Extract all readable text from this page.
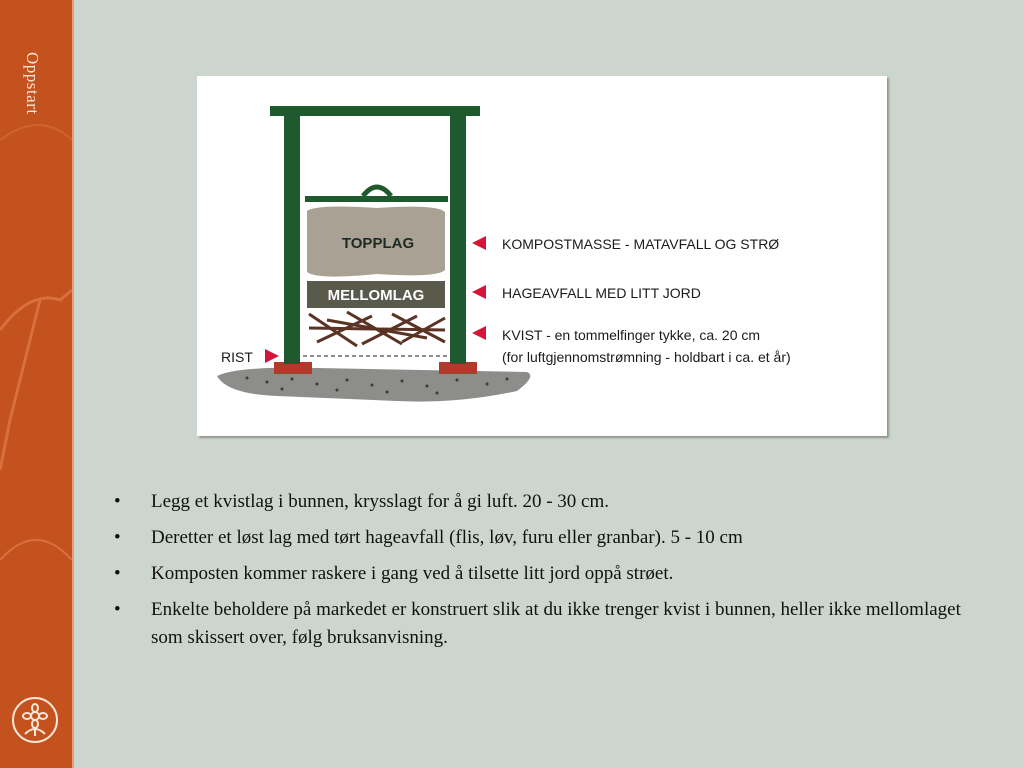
Oppstart
TOPPLAG
MELLOMLAG
KOMPOSTMASSE - MATAVFALL OG STRØ
HAGEAVFALL MED LITT JORD
KVIST - en tommelfinger tykke, ca. 20 cm
(for luftgjennomstrømning - holdbart i ca. et år)
RIST
• Legg et kvistlag i bunnen, krysslagt for å gi luft. 20 - 30 cm.
• Deretter et løst lag med tørt hageavfall (flis, løv, furu eller granbar). 5 - 10 cm
• Komposten kommer raskere i gang ved å tilsette litt jord oppå strøet.
• Enkelte beholdere på markedet er konstruert slik at du ikke trenger kvist i bunnen, heller ikke mellomlaget som skissert over, følg bruksanvisning.
